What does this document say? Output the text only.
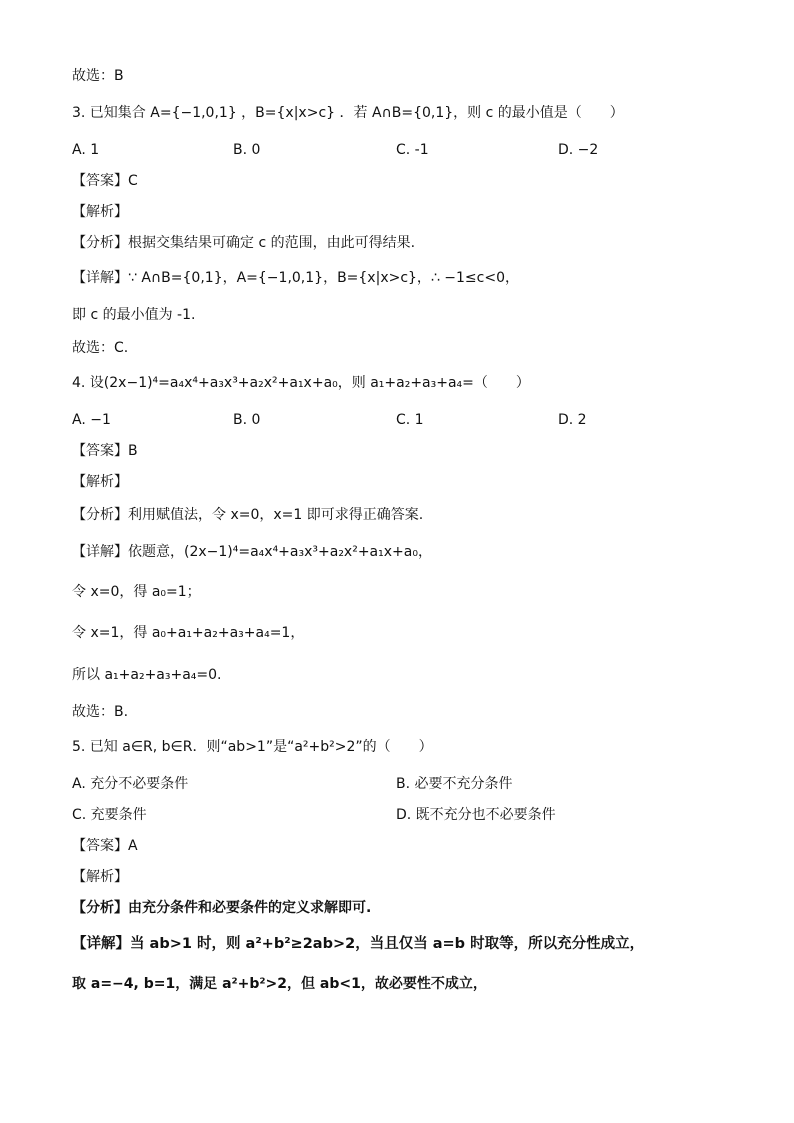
故选：B
3. 已知集合 A={−1,0,1} ，B={x|x>c} ．若 A∩B={0,1}，则 c 的最小值是（　　）
A. 1	B. 0	C. -1	D. −2
【答案】C
【解析】
【分析】根据交集结果可确定 c 的范围，由此可得结果.
【详解】∵ A∩B={0,1}，A={−1,0,1}，B={x|x>c}，∴ −1≤c<0，
即 c 的最小值为 -1.
故选：C.
4. 设(2x−1)⁴=a₄x⁴+a₃x³+a₂x²+a₁x+a₀，则 a₁+a₂+a₃+a₄=（　　）
A. −1	B. 0	C. 1	D. 2
【答案】B
【解析】
【分析】利用赋值法，令 x=0，x=1 即可求得正确答案.
【详解】依题意，(2x−1)⁴=a₄x⁴+a₃x³+a₂x²+a₁x+a₀，
令 x=0，得 a₀=1；
令 x=1，得 a₀+a₁+a₂+a₃+a₄=1，
所以 a₁+a₂+a₃+a₄=0.
故选：B.
5. 已知 a∈R, b∈R．则“ab>1”是“a²+b²>2”的（　　）
A. 充分不必要条件	B. 必要不充分条件
C. 充要条件	D. 既不充分也不必要条件
【答案】A
【解析】
【分析】由充分条件和必要条件的定义求解即可.
【详解】当 ab>1 时，则 a²+b²≥2ab>2，当且仅当 a=b 时取等，所以充分性成立，
取 a=−4, b=1，满足 a²+b²>2，但 ab<1，故必要性不成立，
